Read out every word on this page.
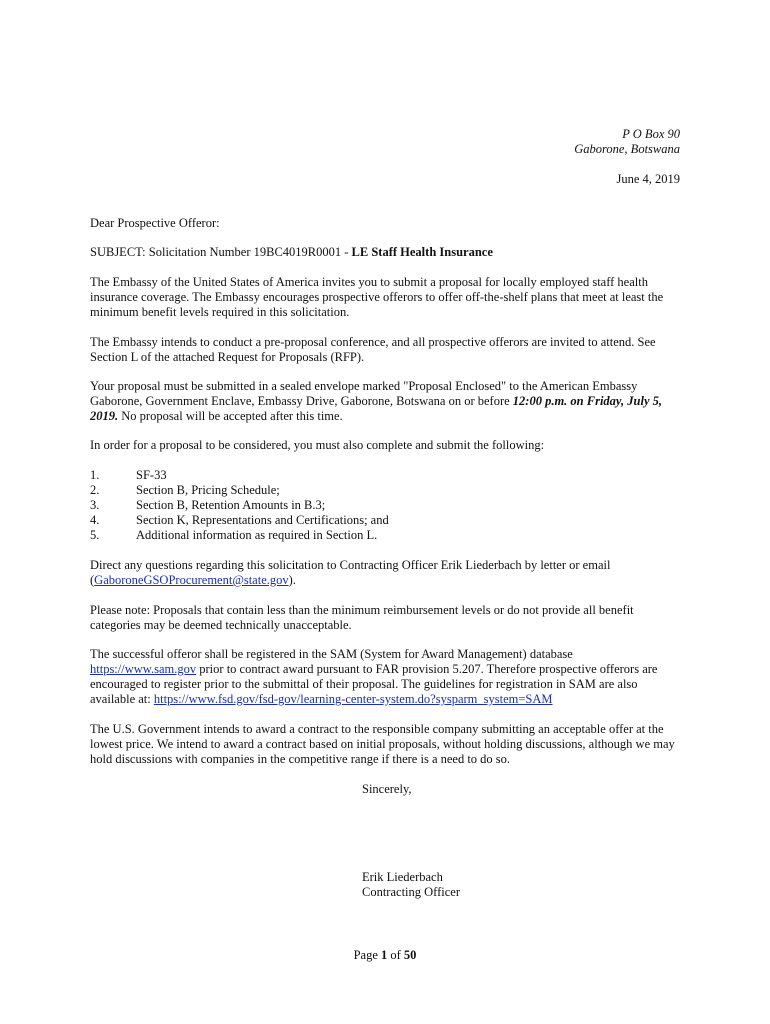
P O Box 90
Gaborone, Botswana
June 4, 2019
Dear Prospective Offeror:
SUBJECT: Solicitation Number 19BC4019R0001 - LE Staff Health Insurance
The Embassy of the United States of America invites you to submit a proposal for locally employed staff health insurance coverage. The Embassy encourages prospective offerors to offer off-the-shelf plans that meet at least the minimum benefit levels required in this solicitation.
The Embassy intends to conduct a pre-proposal conference, and all prospective offerors are invited to attend. See Section L of the attached Request for Proposals (RFP).
Your proposal must be submitted in a sealed envelope marked "Proposal Enclosed" to the American Embassy Gaborone, Government Enclave, Embassy Drive, Gaborone, Botswana on or before 12:00 p.m. on Friday, July 5, 2019. No proposal will be accepted after this time.
In order for a proposal to be considered, you must also complete and submit the following:
1.	SF-33
2.	Section B, Pricing Schedule;
3.	Section B, Retention Amounts in B.3;
4.	Section K, Representations and Certifications; and
5.	Additional information as required in Section L.
Direct any questions regarding this solicitation to Contracting Officer Erik Liederbach by letter or email (GaboroneGSOProcurement@state.gov).
Please note: Proposals that contain less than the minimum reimbursement levels or do not provide all benefit categories may be deemed technically unacceptable.
The successful offeror shall be registered in the SAM (System for Award Management) database https://www.sam.gov prior to contract award pursuant to FAR provision 5.207. Therefore prospective offerors are encouraged to register prior to the submittal of their proposal. The guidelines for registration in SAM are also available at: https://www.fsd.gov/fsd-gov/learning-center-system.do?sysparm_system=SAM
The U.S. Government intends to award a contract to the responsible company submitting an acceptable offer at the lowest price. We intend to award a contract based on initial proposals, without holding discussions, although we may hold discussions with companies in the competitive range if there is a need to do so.
Sincerely,
Erik Liederbach
Contracting Officer
Page 1 of 50
